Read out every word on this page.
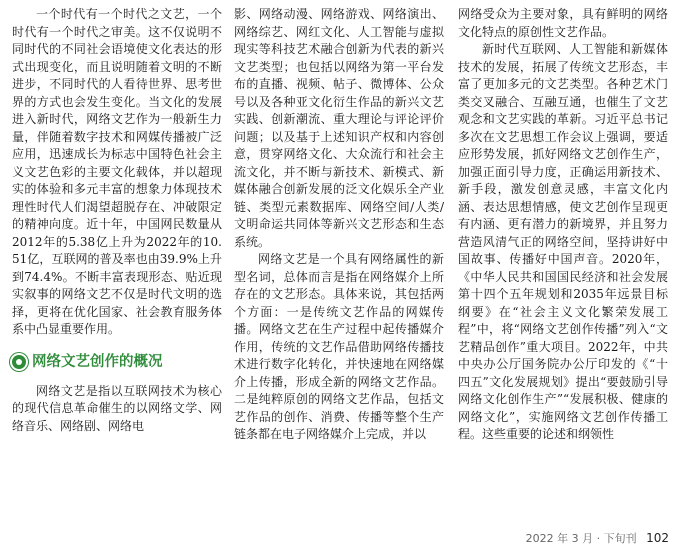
一个时代有一个时代之文艺，一个时代有一个时代之审美。这不仅说明不同时代的不同社会语境使文化表达的形式出现变化，而且说明随着文明的不断进步，不同时代的人看待世界、思考世界的方式也会发生变化。当文化的发展进入新时代，网络文艺作为一般新生力量，伴随着数字技术和网媒传播被广泛应用，迅速成长为标志中国特色社会主义文艺色彩的主要文化载体，并以超现实的体验和多元丰富的想象力体现技术理性时代人们渴望超脱存在、冲破限定的精神向度。近十年，中国网民数量从2012年的5.38亿上升为2022年的10.51亿，互联网的普及率也由39.9%上升到74.4%。不断丰富表现形态、贴近现实叙事的网络文艺不仅是时代文明的选择，更将在优化国家、社会教育服务体系中凸显重要作用。

网络文艺创作的概况

网络文艺是指以互联网技术为核心的现代信息革命催生的以网络文学、网络音乐、网络剧、网络电

影、网络动漫、网络游戏、网络演出、网络综艺、网红文化、人工智能与虚拟现实等科技艺术融合创新为代表的新兴文艺类型；也包括以网络为第一平台发布的直播、视频、帖子、微博体、公众号以及各种亚文化衍生作品的新兴文艺实践、创新潮流、重大理论与评论评价问题；以及基于上述知识产权和内容创意，贯穿网络文化、大众流行和社会主流文化，并不断与新技术、新模式、新媒体融合创新发展的泛文化娱乐全产业链、类型元素数据库、网络空间/人类/文明命运共同体等新兴文艺形态和生态系统。

网络文艺是一个具有网络属性的新型名词，总体而言是指在网络媒介上所存在的文艺形态。具体来说，其包括两个方面：一是传统文艺作品的网媒传播。网络文艺在生产过程中起传播媒介作用，传统的文艺作品借助网络传播技术进行数字化转化，并快速地在网络媒介上传播，形成全新的网络文艺作品。二是纯粹原创的网络文艺作品，包括文艺作品的创作、消费、传播等整个生产链条都在电子网络媒介上完成，并以

网络受众为主要对象，具有鲜明的网络文化特点的原创性文艺作品。

新时代互联网、人工智能和新媒体技术的发展，拓展了传统文艺形态，丰富了更加多元的文艺类型。各种艺术门类交叉融合、互融互通，也催生了文艺观念和文艺实践的革新。习近平总书记多次在文艺思想工作会议上强调，要适应形势发展，抓好网络文艺创作生产，加强正面引导力度，正确运用新技术、新手段，激发创意灵感，丰富文化内涵、表达思想情感，使文艺创作呈现更有内涵、更有潜力的新境界，并且努力营造风清气正的网络空间，坚持讲好中国故事、传播好中国声音。2020年，《中华人民共和国国民经济和社会发展第十四个五年规划和2035年远景目标纲要》在“社会主义文化繁荣发展工程”中，将“网络文艺创作传播”列入“文艺精品创作”重大项目。2022年，中共中央办公厅国务院办公厅印发的《“十四五”文化发展规划》提出“要鼓励引导网络文化创作生产”“发展积极、健康的网络文化”，实施网络文艺创作传播工程。这些重要的论述和纲领性

2022 年 3 月 · 下旬刊 102
